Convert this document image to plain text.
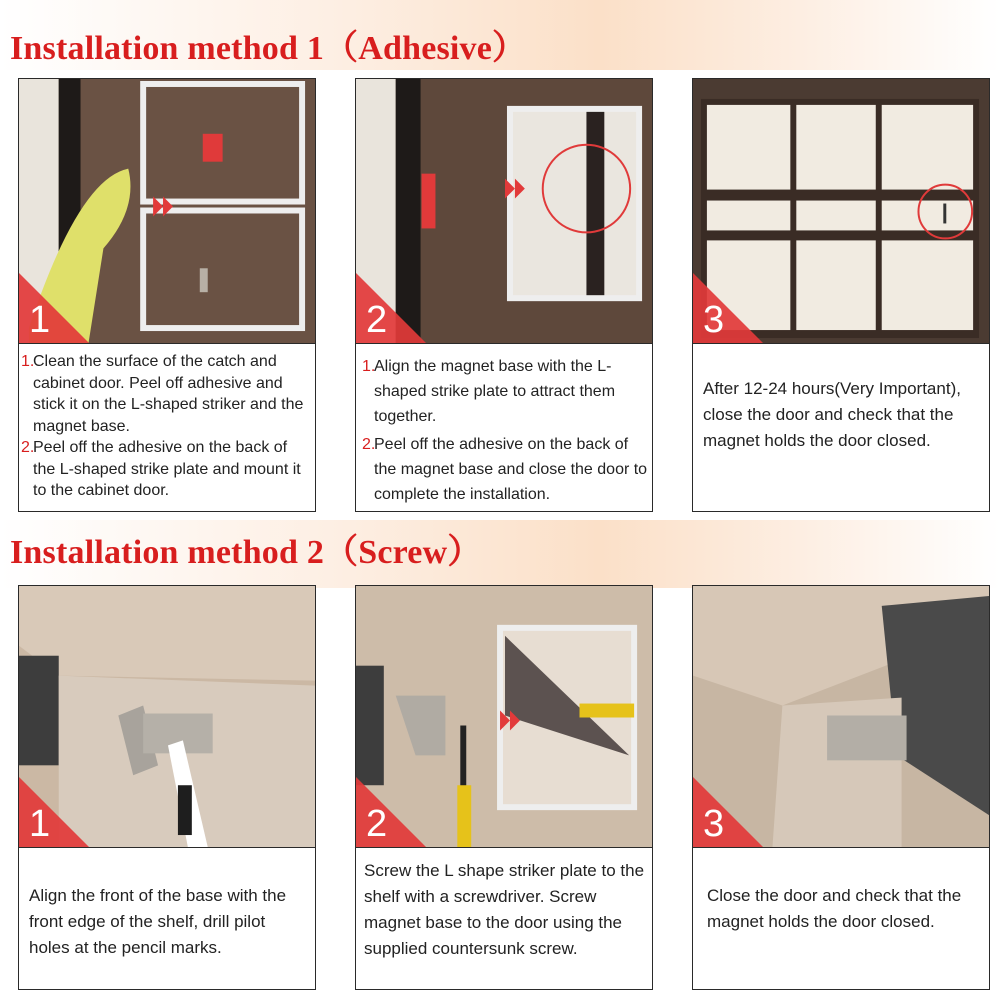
Installation method 1（Adhesive）
1
1.
Clean the surface of the catch and cabinet door. Peel off adhesive and stick it on the L-shaped striker and the magnet base.
2.
Peel off the adhesive on the back of the L-shaped strike plate and mount it to the cabinet door.
2
1.
Align the magnet base with the L-shaped strike plate to attract them together.
2.
Peel off the adhesive on the back of the magnet base and close the door to complete the installation.
3
After 12-24 hours(Very Important), close the door and check that the magnet holds the door closed.
Installation method 2（Screw）
1
Align the front of the base with the front edge of the shelf, drill pilot holes at the pencil marks.
2
Screw the L shape striker plate to the shelf with a screwdriver. Screw magnet base to the door using the supplied countersunk screw.
3
Close the door and check that the magnet holds the door closed.
